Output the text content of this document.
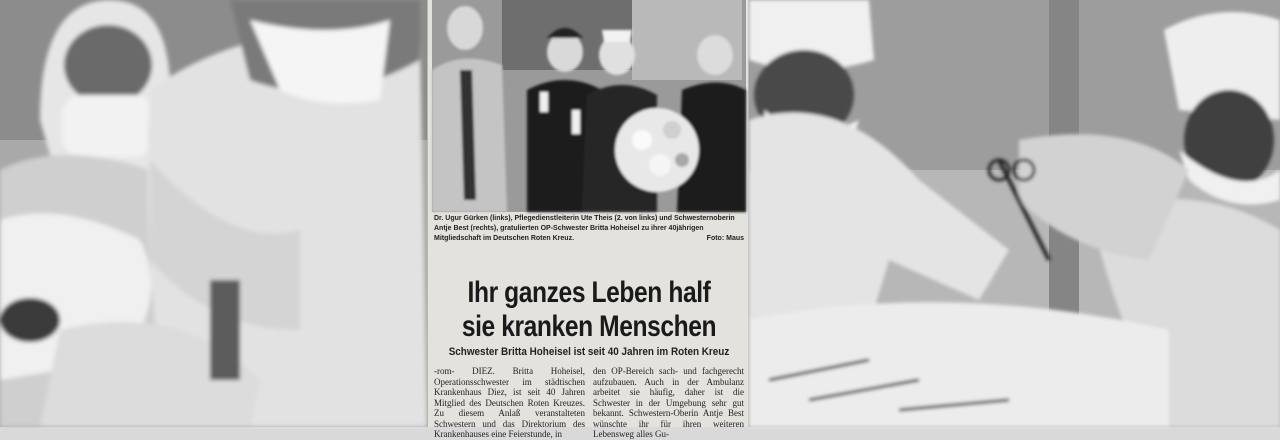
Dr. Ugur Gürken (links), Pflegedienstleiterin Ute Theis (2. von links) und Schwesternoberin Antje Best (rechts), gratulierten OP-Schwester Britta Hoheisel zu ihrer 40jährigen Mitgliedschaft im Deutschen Roten Kreuz.	Foto: Maus
Ihr ganzes Leben half
sie kranken Menschen
Schwester Britta Hoheisel ist seit 40 Jahren im Roten Kreuz

-rom- DIEZ. Britta Hoheisel, Operationsschwester im städtischen Krankenhaus Diez, ist seit 40 Jahren Mitglied des Deutschen Roten Kreuzes. Zu diesem Anlaß veranstalteten Schwestern und das Direktorium des Krankenhauses eine Feierstunde, in

den OP-Bereich sach- und fachgerecht aufzubauen. Auch in der Ambulanz arbeitet sie häufig, daher ist die Schwester in der Umgebung sehr gut bekannt. Schwestern-Oberin Antje Best wünschte ihr für ihren weiteren Lebensweg alles Gu-
